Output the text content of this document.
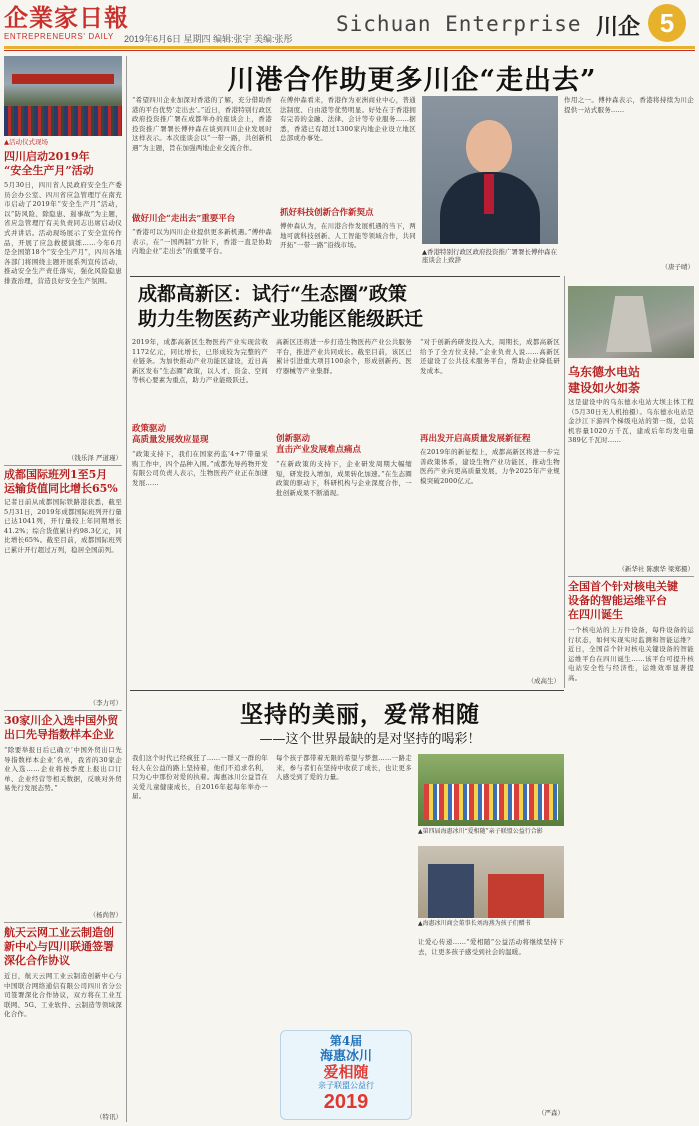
企業家日報
ENTREPRENEURS' DAILY	2019年6月6日 星期四 编辑:张宇 美编:张彤
Sichuan Enterprise 川企 5
▲活动仪式现场
四川启动2019年
“安全生产月”活动
5月30日，四川省人民政府安全生产委员会办公室、四川省应急管理厅在南充市启动了2019年“安全生产月”活动，以“防风险、除隐患、遏事故”为主题，省应急管理厅有关负责同志出席启动仪式并讲话。活动现场展示了安全宣传作品，开展了应急救援演练……今年6月是全国第18个“安全生产月”，四川各地各部门将围绕主题开展系列宣传活动，推动安全生产责任落实，强化风险隐患排查治理，营造良好安全生产氛围。
（钱乐泽 严道瑾）
成都国际班列1至5月
运输货值同比增长65%
记者日前从成都国际铁路港获悉，截至5月31日，2019年成都国际班列开行量已达1041列，开行量较上年同期增长41.2%；综合货值累计约98.3亿元，同比增长65%。截至目前，成都国际班列已累计开行超过万列，稳居全国前列。
（李力可）
30家川企入选中国外贸
出口先导指数样本企业
“除要举报日后已确立‘中国外贸出口先导指数样本企业’名单，我省的30家企业入选……企业将按季度上报出口订单、企业经营等相关数据，反映对外贸易先行发展态势。”
（杨尚智）
航天云网工业云制造创
新中心与四川联通签署
深化合作协议
近日，航天云网工业云制造创新中心与中国联合网络通信有限公司四川省分公司签署深化合作协议，双方将在工业互联网、5G、工业软件、云制造等领域深化合作。
（特讯）
川港合作助更多川企“走出去”
“希望四川企业加深对香港的了解，充分借助香港的平台优势‘走出去’。”近日，香港特别行政区政府投资推广署在成都举办的座谈会上，香港投资推广署署长傅仲森在谈到四川企业发展时这样表示。本次座谈会以“一带一路，共创新机遇”为主题，旨在加强两地企业交流合作。
做好川企“走出去”重要平台
“香港可以为四川企业提供更多新机遇。”傅仲森表示，在“一国两制”方针下，香港一直是协助内地企业“走出去”的重要平台。
在傅仲森看来，香港作为亚洲商业中心，普通法制度、自由港等优势明显。好处在于香港拥有完善的金融、法律、会计等专业服务……据悉，香港已有超过1300家内地企业设立地区总部或办事处。
抓好科技创新合作新契点
傅仲森认为，在川港合作发展机遇的当下，两地可就科技创新、人工智能等领域合作，共同开拓“一带一路”沿线市场。
▲香港特别行政区政府投资推广署署长傅仲森在座谈会上致辞
作用之一。傅仲森表示，香港将持续为川企提供一站式服务……
（唐子晴）
成都高新区：试行“生态圈”政策
助力生物医药产业功能区能级跃迁
2019年，成都高新区生物医药产业实现营收1172亿元，同比增长，已形成较为完整的产业链条。为加快推动产业功能区建设，近日高新区发布“生态圈”政策，以人才、资金、空间等核心要素为重点，助力产业能级跃迁。
政策驱动
高质量发展效应显现
“政策支持下，我们在国家药监‘4+7’带量采购工作中，四个品种入围。”成都先导药物开发有限公司负责人表示，生物医药产业正在加速发展……
高新区还将进一步打造生物医药产业公共服务平台，推进产业共同成长。截至目前，该区已累计引进重大项目100余个，形成创新药、医疗器械等产业集群。
创新驱动
直击产业发展难点痛点
“在新政策的支持下，企业研发周期大幅缩短，研发投入增加，成果转化加速。”在生态圈政策的驱动下，科研机构与企业深度合作，一批创新成果不断涌现。
“对于创新药研发投入大，周期长，成都高新区给予了全方位支持。”企业负责人说……高新区还建设了公共技术服务平台，帮助企业降低研发成本。
再出发开启高质量发展新征程
在2019年的新征程上，成都高新区将进一步完善政策体系，建设生物产业功能区，推动生物医药产业向更高质量发展，力争2025年产业规模突破2000亿元。
（成高生）
乌东德水电站
建设如火如荼
这是建设中的乌东德水电站大坝主体工程（5月30日无人机拍摄）。乌东德水电站是金沙江下游四个梯级电站的第一级，总装机容量1020万千瓦，建成后年均发电量389亿千瓦时……
（新华社 陈旗华 梁郑摄）
全国首个针对核电关键
设备的智能运维平台
在四川诞生
一个核电站的上万件设备，每件设备的运行状态，如何实现实时监测和智能运维？近日，全国首个针对核电关键设备的智能运维平台在四川诞生……该平台可提升核电站安全性与经济性，运维效率显著提高。
坚持的美丽，爱常相随
——这个世界最缺的是对坚持的喝彩！
我们这个时代已经疯狂了……一群又一群的年轻人在公益的路上坚持着，他们不追求名利，只为心中那份对爱的执着。海惠冰川公益旨在关爱儿童健康成长，自2016年起每年举办一届。
每个孩子都带着无限的希望与梦想……一路走来，参与者们在坚持中收获了成长，也让更多人感受到了爱的力量。
▲第四届海惠冰川“爱相随”亲子联盟公益行合影
▲海惠冰川商会董事长刘海燕为孩子们赠书
让爱心传递……“爱相随”公益活动将继续坚持下去，让更多孩子感受到社会的温暖。
（严森）
第4届
海惠冰川
爱相随
亲子联盟公益行
2019
